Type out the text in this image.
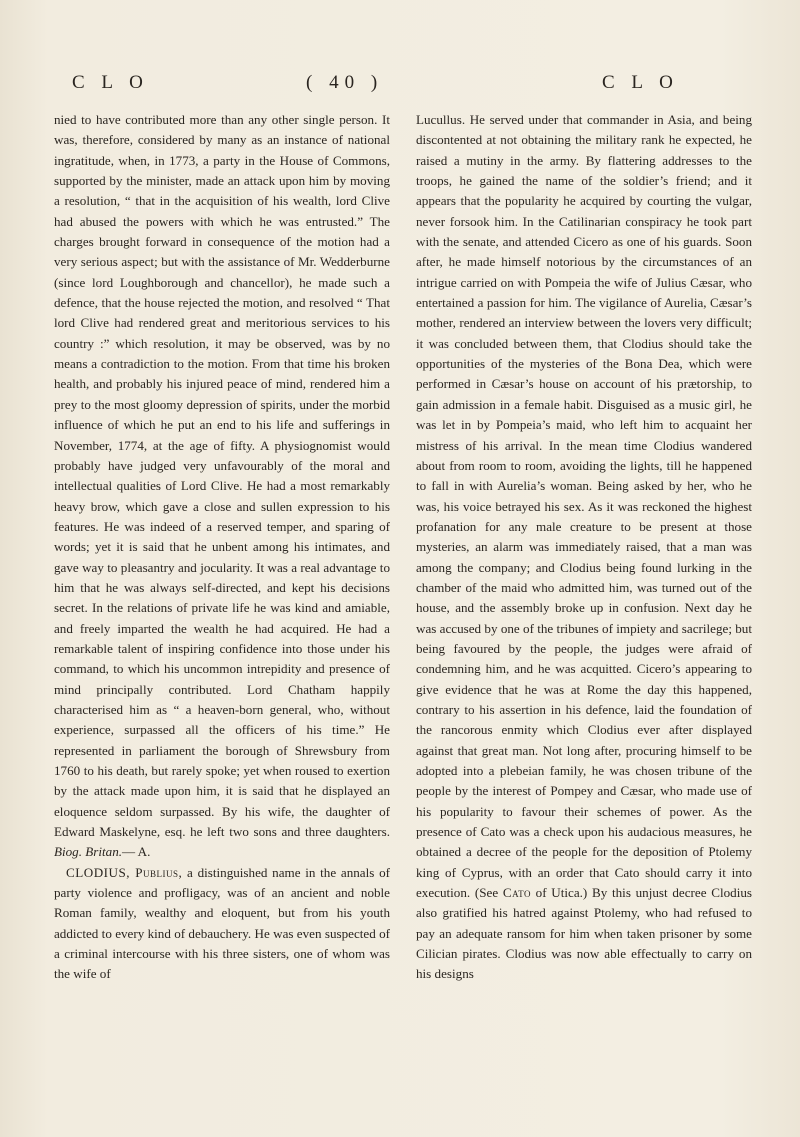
C L O	( 40 )	C L O

nied to have contributed more than any other single person. It was, therefore, considered by many as an instance of national ingratitude, when, in 1773, a party in the House of Commons, supported by the minister, made an attack upon him by moving a resolution, “ that in the acquisition of his wealth, lord Clive had abused the powers with which he was entrusted.” The charges brought forward in consequence of the motion had a very serious aspect; but with the assistance of Mr. Wedderburne (since lord Loughborough and chancellor), he made such a defence, that the house rejected the motion, and resolved “ That lord Clive had rendered great and meritorious services to his country :” which resolution, it may be observed, was by no means a contradiction to the motion. From that time his broken health, and probably his injured peace of mind, rendered him a prey to the most gloomy depression of spirits, under the morbid influence of which he put an end to his life and sufferings in November, 1774, at the age of fifty. A physiognomist would probably have judged very unfavourably of the moral and intellectual qualities of Lord Clive. He had a most remarkably heavy brow, which gave a close and sullen expression to his features. He was indeed of a reserved temper, and sparing of words; yet it is said that he unbent among his intimates, and gave way to pleasantry and jocularity. It was a real advantage to him that he was always self-directed, and kept his decisions secret. In the relations of private life he was kind and amiable, and freely imparted the wealth he had acquired. He had a remarkable talent of inspiring confidence into those under his command, to which his uncommon intrepidity and presence of mind principally contributed. Lord Chatham happily characterised him as “ a heaven-born general, who, without experience, surpassed all the officers of his time.” He represented in parliament the borough of Shrewsbury from 1760 to his death, but rarely spoke; yet when roused to exertion by the attack made upon him, it is said that he displayed an eloquence seldom surpassed. By his wife, the daughter of Edward Maskelyne, esq. he left two sons and three daughters. Biog. Britan.— A.

CLODIUS, Publius, a distinguished name in the annals of party violence and profligacy, was of an ancient and noble Roman family, wealthy and eloquent, but from his youth addicted to every kind of debauchery. He was even suspected of a criminal intercourse with his three sisters, one of whom was the wife of

Lucullus. He served under that commander in Asia, and being discontented at not obtaining the military rank he expected, he raised a mutiny in the army. By flattering addresses to the troops, he gained the name of the soldier’s friend; and it appears that the popularity he acquired by courting the vulgar, never forsook him. In the Catilinarian conspiracy he took part with the senate, and attended Cicero as one of his guards. Soon after, he made himself notorious by the circumstances of an intrigue carried on with Pompeia the wife of Julius Cæsar, who entertained a passion for him. The vigilance of Aurelia, Cæsar’s mother, rendered an interview between the lovers very difficult; it was concluded between them, that Clodius should take the opportunities of the mysteries of the Bona Dea, which were performed in Cæsar’s house on account of his prætorship, to gain admission in a female habit. Disguised as a music girl, he was let in by Pompeia’s maid, who left him to acquaint her mistress of his arrival. In the mean time Clodius wandered about from room to room, avoiding the lights, till he happened to fall in with Aurelia’s woman. Being asked by her, who he was, his voice betrayed his sex. As it was reckoned the highest profanation for any male creature to be present at those mysteries, an alarm was immediately raised, that a man was among the company; and Clodius being found lurking in the chamber of the maid who admitted him, was turned out of the house, and the assembly broke up in confusion. Next day he was accused by one of the tribunes of impiety and sacrilege; but being favoured by the people, the judges were afraid of condemning him, and he was acquitted. Cicero’s appearing to give evidence that he was at Rome the day this happened, contrary to his assertion in his defence, laid the foundation of the rancorous enmity which Clodius ever after displayed against that great man. Not long after, procuring himself to be adopted into a plebeian family, he was chosen tribune of the people by the interest of Pompey and Cæsar, who made use of his popularity to favour their schemes of power. As the presence of Cato was a check upon his audacious measures, he obtained a decree of the people for the deposition of Ptolemy king of Cyprus, with an order that Cato should carry it into execution. (See Cato of Utica.) By this unjust decree Clodius also gratified his hatred against Ptolemy, who had refused to pay an adequate ransom for him when taken prisoner by some Cilician pirates. Clodius was now able effectually to carry on his designs
